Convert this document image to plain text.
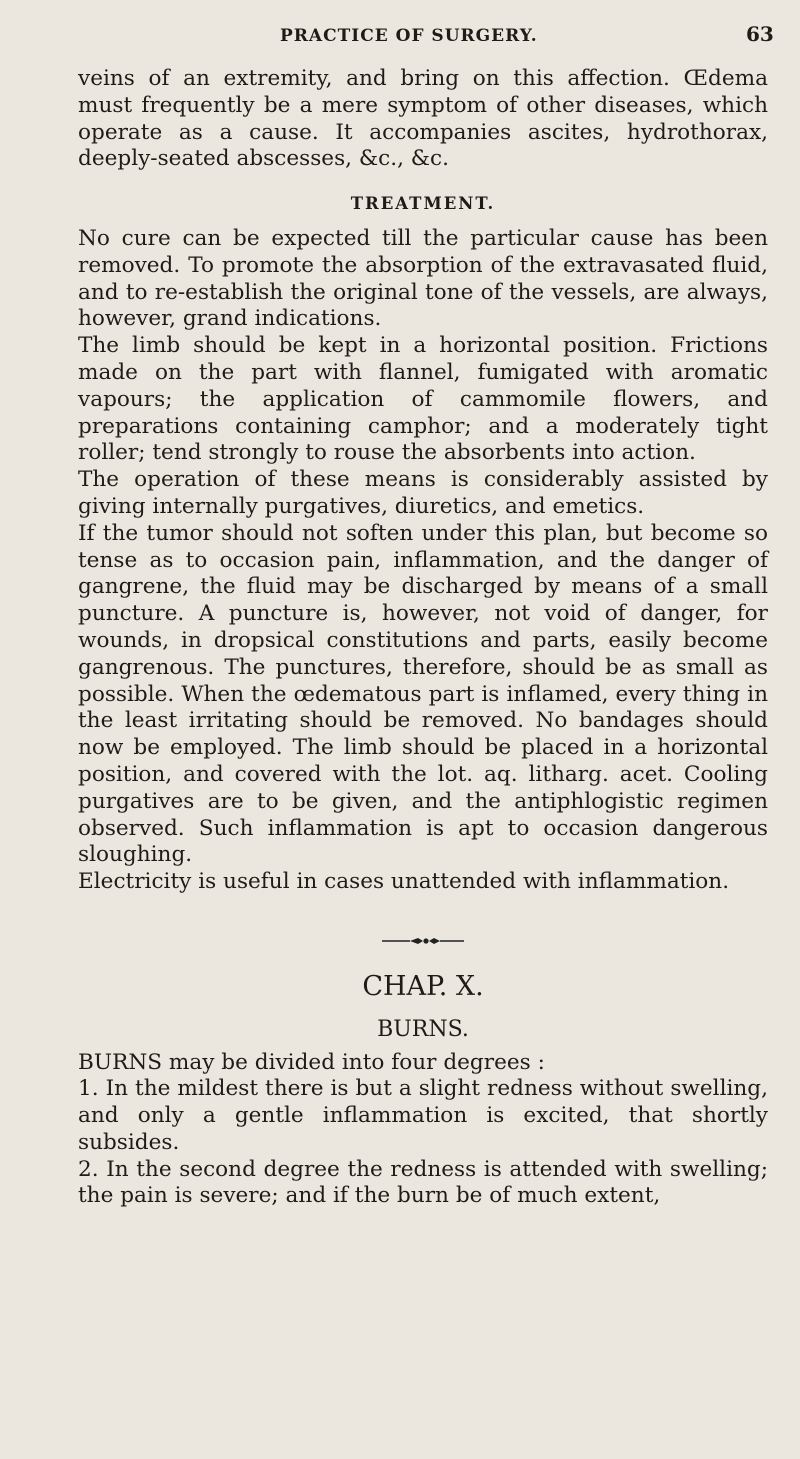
PRACTICE OF SURGERY.	63

veins of an extremity, and bring on this affection. Œdema must frequently be a mere symptom of other diseases, which operate as a cause. It accompanies ascites, hydrothorax, deeply-seated abscesses, &c., &c.

TREATMENT.

No cure can be expected till the particular cause has been removed. To promote the absorption of the extravasated fluid, and to re-establish the original tone of the vessels, are always, however, grand indications.

The limb should be kept in a horizontal position. Frictions made on the part with flannel, fumigated with aromatic vapours; the application of cammomile flowers, and preparations containing camphor; and a moderately tight roller; tend strongly to rouse the absorbents into action.

The operation of these means is considerably assisted by giving internally purgatives, diuretics, and emetics.

If the tumor should not soften under this plan, but become so tense as to occasion pain, inflammation, and the danger of gangrene, the fluid may be discharged by means of a small puncture. A puncture is, however, not void of danger, for wounds, in dropsical constitutions and parts, easily become gangrenous. The punctures, therefore, should be as small as possible. When the œdematous part is inflamed, every thing in the least irritating should be removed. No bandages should now be employed. The limb should be placed in a horizontal position, and covered with the lot. aq. litharg. acet. Cooling purgatives are to be given, and the antiphlogistic regimen observed. Such inflammation is apt to occasion dangerous sloughing.

Electricity is useful in cases unattended with inflammation.

CHAP. X.
BURNS.

BURNS may be divided into four degrees :

1. In the mildest there is but a slight redness without swelling, and only a gentle inflammation is excited, that shortly subsides.

2. In the second degree the redness is attended with swelling; the pain is severe; and if the burn be of much extent,
